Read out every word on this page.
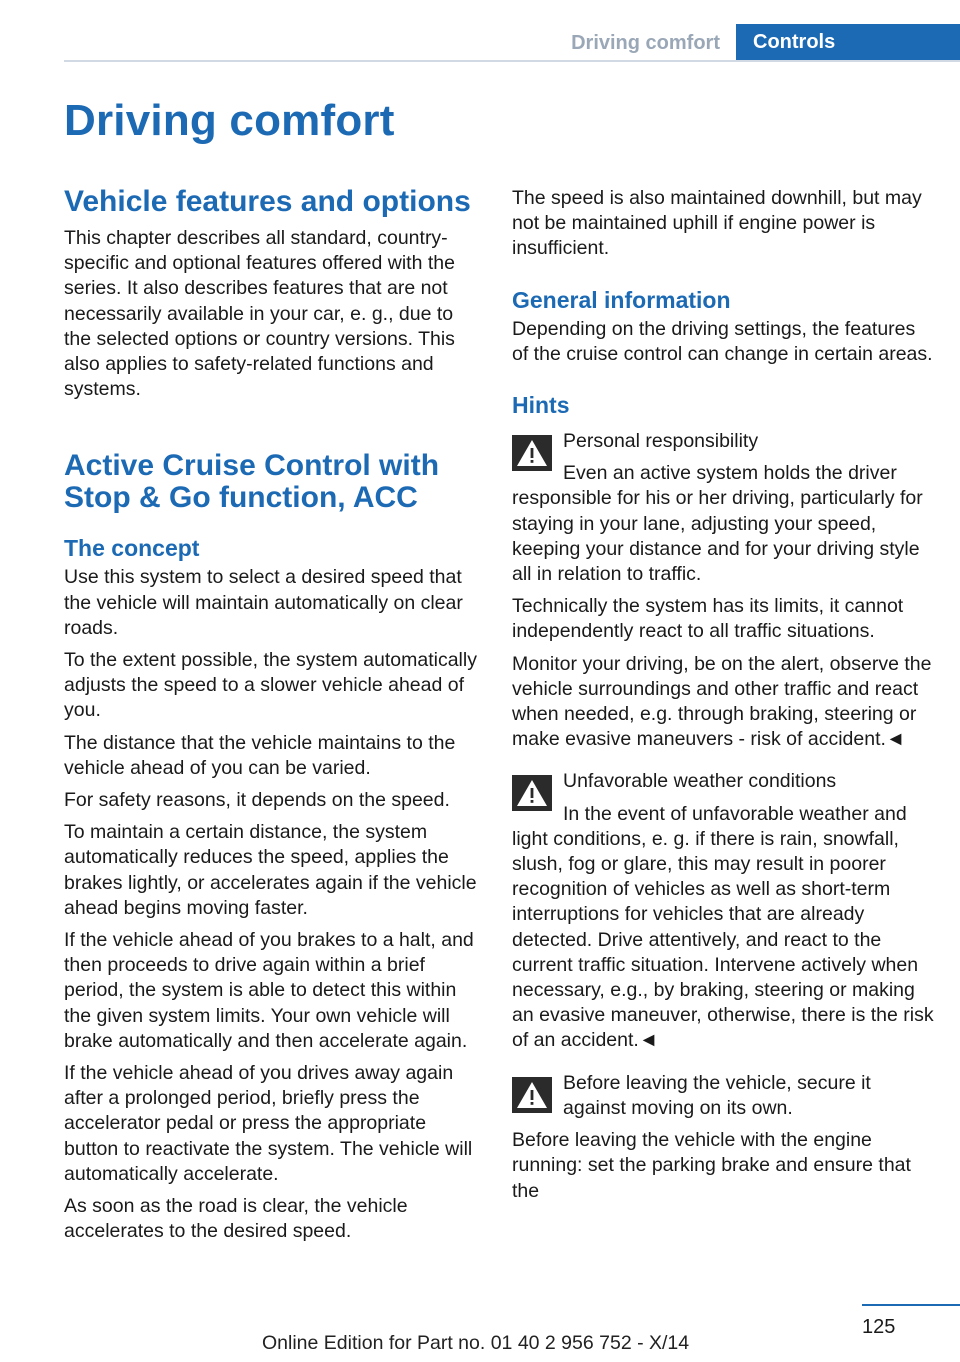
Driving comfort	Controls
Driving comfort
Vehicle features and options

This chapter describes all standard, country-specific and optional features offered with the series. It also describes features that are not necessarily available in your car, e. g., due to the selected options or country versions. This also applies to safety-related functions and systems.

Active Cruise Control with Stop & Go function, ACC
The concept

Use this system to select a desired speed that the vehicle will maintain automatically on clear roads.

To the extent possible, the system automatically adjusts the speed to a slower vehicle ahead of you.

The distance that the vehicle maintains to the vehicle ahead of you can be varied.

For safety reasons, it depends on the speed.

To maintain a certain distance, the system automatically reduces the speed, applies the brakes lightly, or accelerates again if the vehicle ahead begins moving faster.

If the vehicle ahead of you brakes to a halt, and then proceeds to drive again within a brief period, the system is able to detect this within the given system limits. Your own vehicle will brake automatically and then accelerate again.

If the vehicle ahead of you drives away again after a prolonged period, briefly press the accelerator pedal or press the appropriate button to reactivate the system. The vehicle will automatically accelerate.

As soon as the road is clear, the vehicle accelerates to the desired speed.

The speed is also maintained downhill, but may not be maintained uphill if engine power is insufficient.

General information

Depending on the driving settings, the features of the cruise control can change in certain areas.

Hints

Personal responsibility

Even an active system holds the driver responsible for his or her driving, particularly for staying in your lane, adjusting your speed, keeping your distance and for your driving style all in relation to traffic.

Technically the system has its limits, it cannot independently react to all traffic situations.

Monitor your driving, be on the alert, observe the vehicle surroundings and other traffic and react when needed, e.g. through braking, steering or make evasive maneuvers - risk of accident.◄

Unfavorable weather conditions

In the event of unfavorable weather and light conditions, e. g. if there is rain, snowfall, slush, fog or glare, this may result in poorer recognition of vehicles as well as short-term interruptions for vehicles that are already detected. Drive attentively, and react to the current traffic situation. Intervene actively when necessary, e.g., by braking, steering or making an evasive maneuver, otherwise, there is the risk of an accident.◄

Before leaving the vehicle, secure it against moving on its own.

Before leaving the vehicle with the engine running: set the parking brake and ensure that the

125
Online Edition for Part no. 01 40 2 956 752 - X/14
